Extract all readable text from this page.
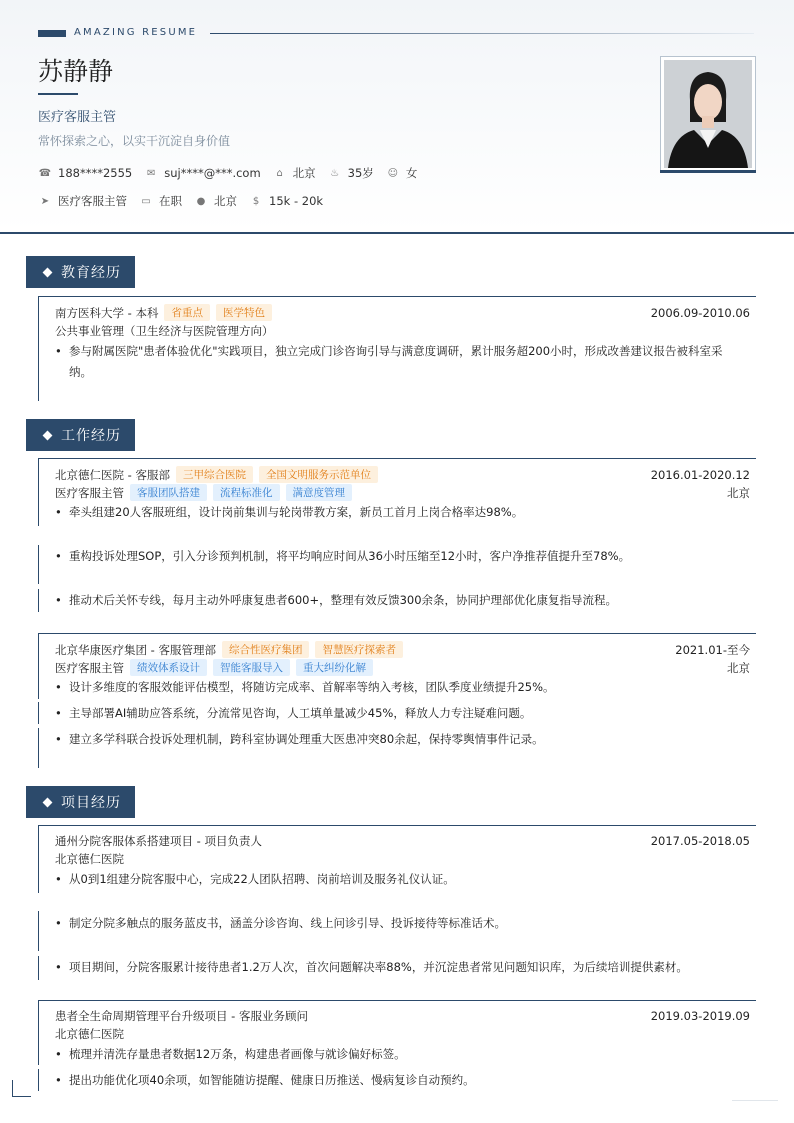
AMAZING RESUME
苏静静
医疗客服主管
常怀探索之心，以实干沉淀自身价值
☎ 188****2555 ✉ suj****@***.com	⌂ 北京 ♨ 35岁 ☺ 女
➤ 医疗客服主管 ▭ 在职 ● 北京	$ 15k - 20k
教育经历
南方医科大学 - 本科	省重点	医学特色	2006.09-2010.06
公共事业管理（卫生经济与医院管理方向）
• 参与附属医院"患者体验优化"实践项目，独立完成门诊咨询引导与满意度调研，累计服务超200小时，形成改善建议报告被科室采
纳。
工作经历
北京德仁医院 - 客服部	三甲综合医院	全国文明服务示范单位	2016.01-2020.12
医疗客服主管	客服团队搭建	流程标准化	满意度管理	北京
• 牵头组建20人客服班组，设计岗前集训与轮岗带教方案，新员工首月上岗合格率达98%。
• 重构投诉处理SOP，引入分诊预判机制，将平均响应时间从36小时压缩至12小时，客户净推荐值提升至78%。
• 推动术后关怀专线，每月主动外呼康复患者600+，整理有效反馈300余条，协同护理部优化康复指导流程。
北京华康医疗集团 - 客服管理部	综合性医疗集团	智慧医疗探索者	2021.01-至今
医疗客服主管	绩效体系设计	智能客服导入	重大纠纷化解	北京
• 设计多维度的客服效能评估模型，将随访完成率、首解率等纳入考核，团队季度业绩提升25%。
• 主导部署AI辅助应答系统，分流常见咨询，人工填单量减少45%，释放人力专注疑难问题。
• 建立多学科联合投诉处理机制，跨科室协调处理重大医患冲突80余起，保持零舆情事件记录。
项目经历
通州分院客服体系搭建项目 - 项目负责人	2017.05-2018.05
北京德仁医院
• 从0到1组建分院客服中心，完成22人团队招聘、岗前培训及服务礼仪认证。
• 制定分院多触点的服务蓝皮书，涵盖分诊咨询、线上问诊引导、投诉接待等标准话术。
• 项目期间，分院客服累计接待患者1.2万人次，首次问题解决率88%，并沉淀患者常见问题知识库，为后续培训提供素材。
患者全生命周期管理平台升级项目 - 客服业务顾问	2019.03-2019.09
北京德仁医院
• 梳理并清洗存量患者数据12万条，构建患者画像与就诊偏好标签。
• 提出功能优化项40余项，如智能随访提醒、健康日历推送、慢病复诊自动预约。
